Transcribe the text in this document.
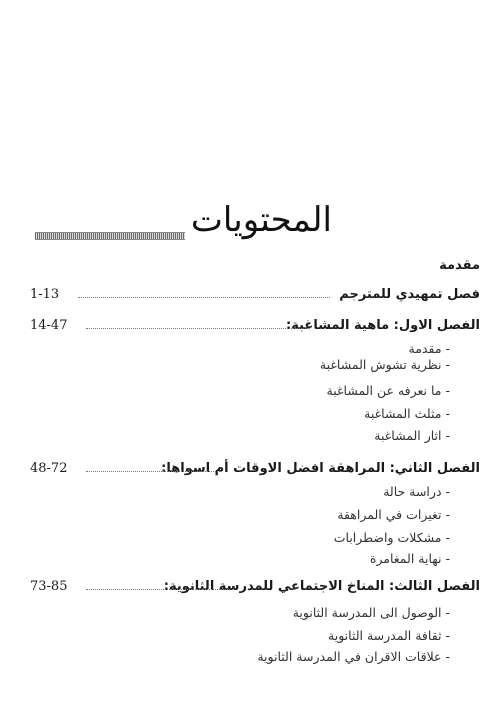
المحتويات
مقدمة
فصل تمهيدي للمترجم
1-13
الفصل الاول: ماهية المشاغبة:
14-47
- مقدمة
- نظرية تشوش المشاغبة
- ما نعرفه عن المشاغبة
- مثلث المشاغبة
- اثار المشاغبة
الفصل الثاني: المراهقة افضل الاوقات أم اسواها:
48-72
- دراسة حالة
- تغيرات في المراهقة
- مشكلات واضطرابات
- نهاية المغامرة
الفصل الثالث: المناخ الاجتماعي للمدرسة الثانوية:
73-85
- الوصول الى المدرسة الثانوية
- ثقافة المدرسة الثانوية
- علاقات الاقران في المدرسة الثانوية
